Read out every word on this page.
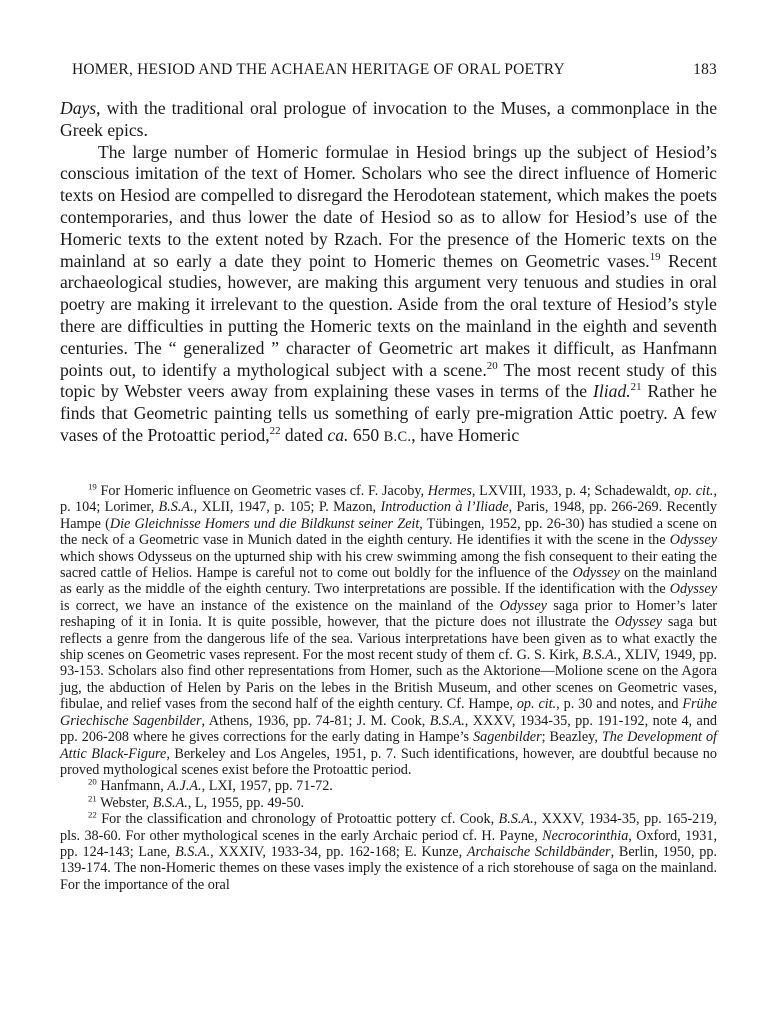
HOMER, HESIOD AND THE ACHAEAN HERITAGE OF ORAL POETRY	183

Days, with the traditional oral prologue of invocation to the Muses, a commonplace in the Greek epics.

The large number of Homeric formulae in Hesiod brings up the subject of Hesiod’s conscious imitation of the text of Homer. Scholars who see the direct influence of Homeric texts on Hesiod are compelled to disregard the Herodotean statement, which makes the poets contemporaries, and thus lower the date of Hesiod so as to allow for Hesiod’s use of the Homeric texts to the extent noted by Rzach. For the presence of the Homeric texts on the mainland at so early a date they point to Homeric themes on Geometric vases.$^{19}$ Recent archaeological studies, however, are making this argument very tenuous and studies in oral poetry are making it irrelevant to the question. Aside from the oral texture of Hesiod’s style there are difficulties in putting the Homeric texts on the mainland in the eighth and seventh centuries. The “ generalized ” character of Geometric art makes it difficult, as Hanfmann points out, to identify a mythological subject with a scene.$^{20}$ The most recent study of this topic by Webster veers away from explaining these vases in terms of the Iliad.$^{21}$ Rather he finds that Geometric painting tells us something of early pre-migration Attic poetry. A few vases of the Protoattic period,$^{22}$ dated ca. 650 B.C., have Homeric

$^{19}$ For Homeric influence on Geometric vases cf. F. Jacoby, Hermes, LXVIII, 1933, p. 4; Schadewaldt, op. cit., p. 104; Lorimer, B.S.A., XLII, 1947, p. 105; P. Mazon, Introduction à l’Iliade, Paris, 1948, pp. 266-269. Recently Hampe (Die Gleichnisse Homers und die Bildkunst seiner Zeit, Tübingen, 1952, pp. 26-30) has studied a scene on the neck of a Geometric vase in Munich dated in the eighth century. He identifies it with the scene in the Odyssey which shows Odysseus on the upturned ship with his crew swimming among the fish consequent to their eating the sacred cattle of Helios. Hampe is careful not to come out boldly for the influence of the Odyssey on the mainland as early as the middle of the eighth century. Two interpretations are possible. If the identification with the Odyssey is correct, we have an instance of the existence on the mainland of the Odyssey saga prior to Homer’s later reshaping of it in Ionia. It is quite possible, however, that the picture does not illustrate the Odyssey saga but reflects a genre from the dangerous life of the sea. Various interpretations have been given as to what exactly the ship scenes on Geometric vases represent. For the most recent study of them cf. G. S. Kirk, B.S.A., XLIV, 1949, pp. 93-153. Scholars also find other representations from Homer, such as the Aktorione—Molione scene on the Agora jug, the abduction of Helen by Paris on the lebes in the British Museum, and other scenes on Geometric vases, fibulae, and relief vases from the second half of the eighth century. Cf. Hampe, op. cit., p. 30 and notes, and Frühe Griechische Sagenbilder, Athens, 1936, pp. 74-81; J. M. Cook, B.S.A., XXXV, 1934-35, pp. 191-192, note 4, and pp. 206-208 where he gives corrections for the early dating in Hampe’s Sagenbilder; Beazley, The Development of Attic Black-Figure, Berkeley and Los Angeles, 1951, p. 7. Such identifications, however, are doubtful because no proved mythological scenes exist before the Protoattic period.

$^{20}$ Hanfmann, A.J.A., LXI, 1957, pp. 71-72.

$^{21}$ Webster, B.S.A., L, 1955, pp. 49-50.

$^{22}$ For the classification and chronology of Protoattic pottery cf. Cook, B.S.A., XXXV, 1934-35, pp. 165-219, pls. 38-60. For other mythological scenes in the early Archaic period cf. H. Payne, Necrocorinthia, Oxford, 1931, pp. 124-143; Lane, B.S.A., XXXIV, 1933-34, pp. 162-168; E. Kunze, Archaische Schildbänder, Berlin, 1950, pp. 139-174. The non-Homeric themes on these vases imply the existence of a rich storehouse of saga on the mainland. For the importance of the oral
